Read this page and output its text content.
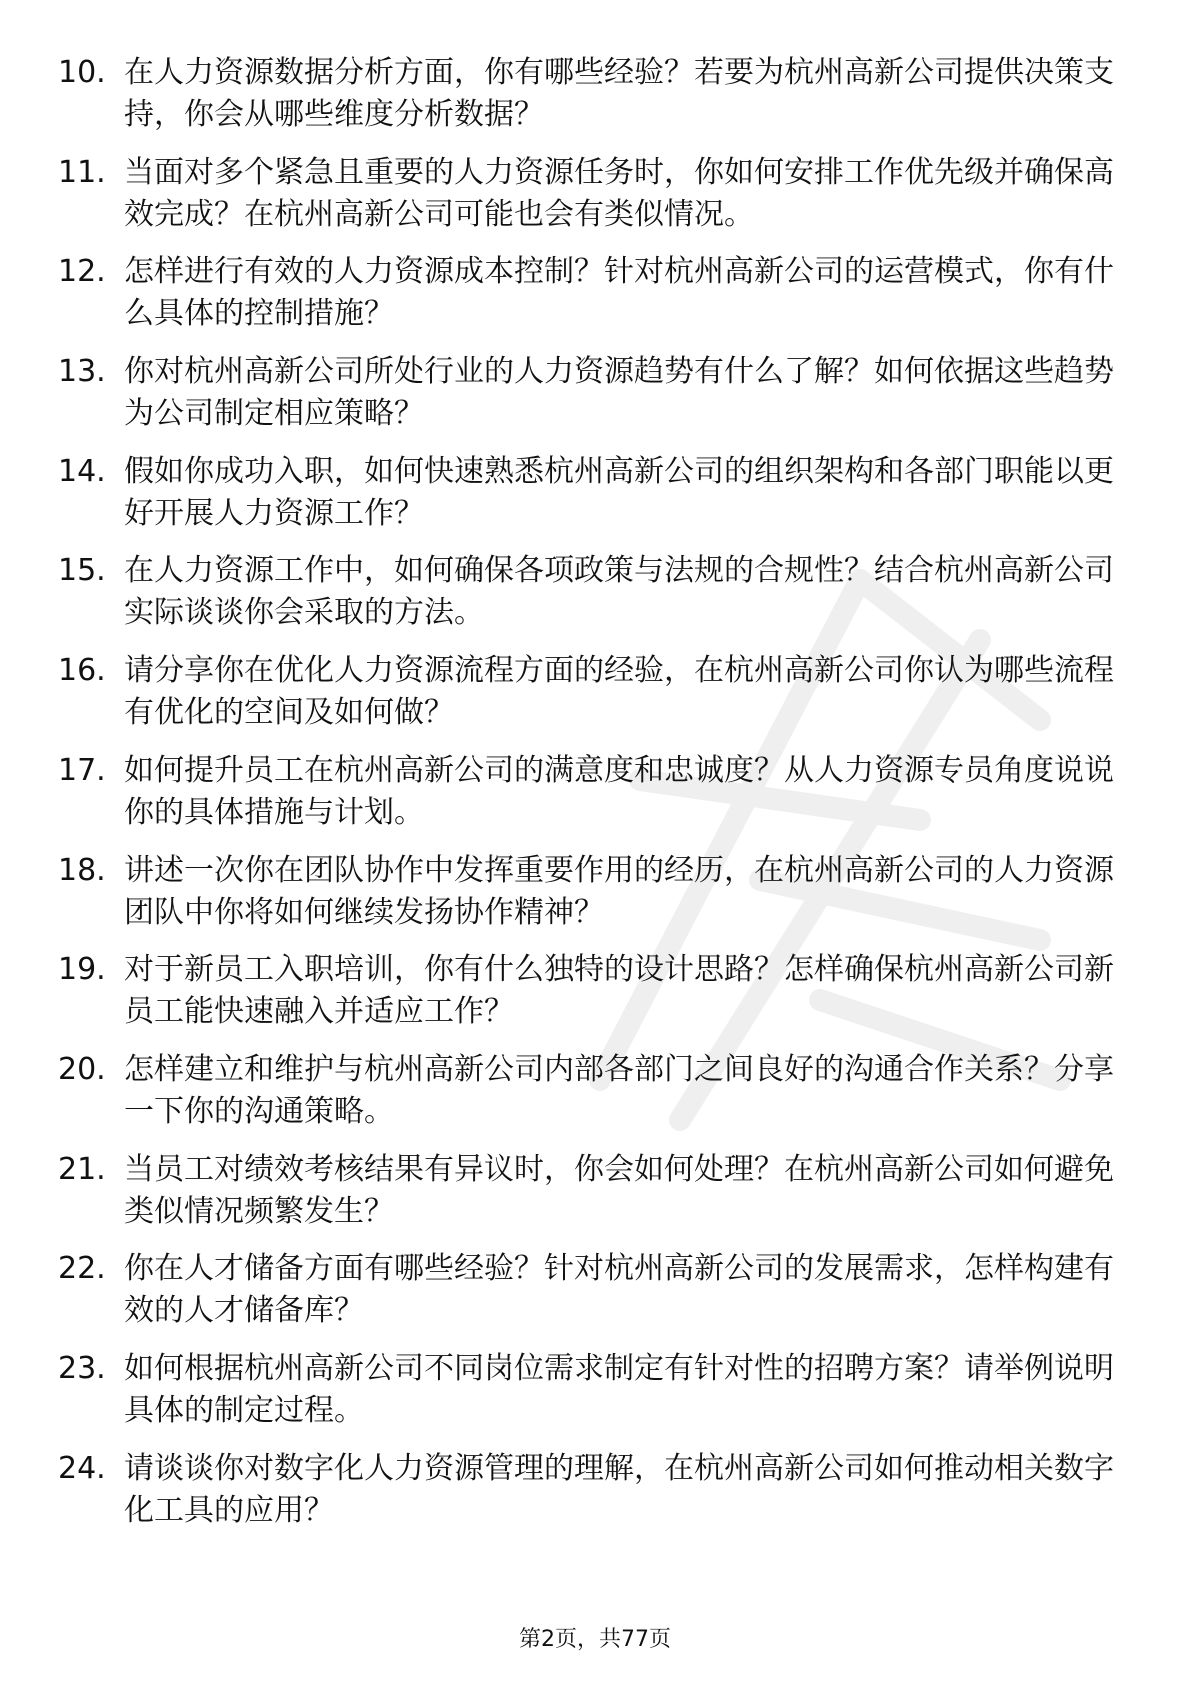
10. 在人力资源数据分析方面，你有哪些经验？若要为杭州高新公司提供决策支持，你会从哪些维度分析数据？
11. 当面对多个紧急且重要的人力资源任务时，你如何安排工作优先级并确保高效完成？在杭州高新公司可能也会有类似情况。
12. 怎样进行有效的人力资源成本控制？针对杭州高新公司的运营模式，你有什么具体的控制措施？
13. 你对杭州高新公司所处行业的人力资源趋势有什么了解？如何依据这些趋势为公司制定相应策略？
14. 假如你成功入职，如何快速熟悉杭州高新公司的组织架构和各部门职能以更好开展人力资源工作？
15. 在人力资源工作中，如何确保各项政策与法规的合规性？结合杭州高新公司实际谈谈你会采取的方法。
16. 请分享你在优化人力资源流程方面的经验，在杭州高新公司你认为哪些流程有优化的空间及如何做？
17. 如何提升员工在杭州高新公司的满意度和忠诚度？从人力资源专员角度说说你的具体措施与计划。
18. 讲述一次你在团队协作中发挥重要作用的经历，在杭州高新公司的人力资源团队中你将如何继续发扬协作精神？
19. 对于新员工入职培训，你有什么独特的设计思路？怎样确保杭州高新公司新员工能快速融入并适应工作？
20. 怎样建立和维护与杭州高新公司内部各部门之间良好的沟通合作关系？分享一下你的沟通策略。
21. 当员工对绩效考核结果有异议时，你会如何处理？在杭州高新公司如何避免类似情况频繁发生？
22. 你在人才储备方面有哪些经验？针对杭州高新公司的发展需求，怎样构建有效的人才储备库？
23. 如何根据杭州高新公司不同岗位需求制定有针对性的招聘方案？请举例说明具体的制定过程。
24. 请谈谈你对数字化人力资源管理的理解，在杭州高新公司如何推动相关数字化工具的应用？
第2页，共77页
